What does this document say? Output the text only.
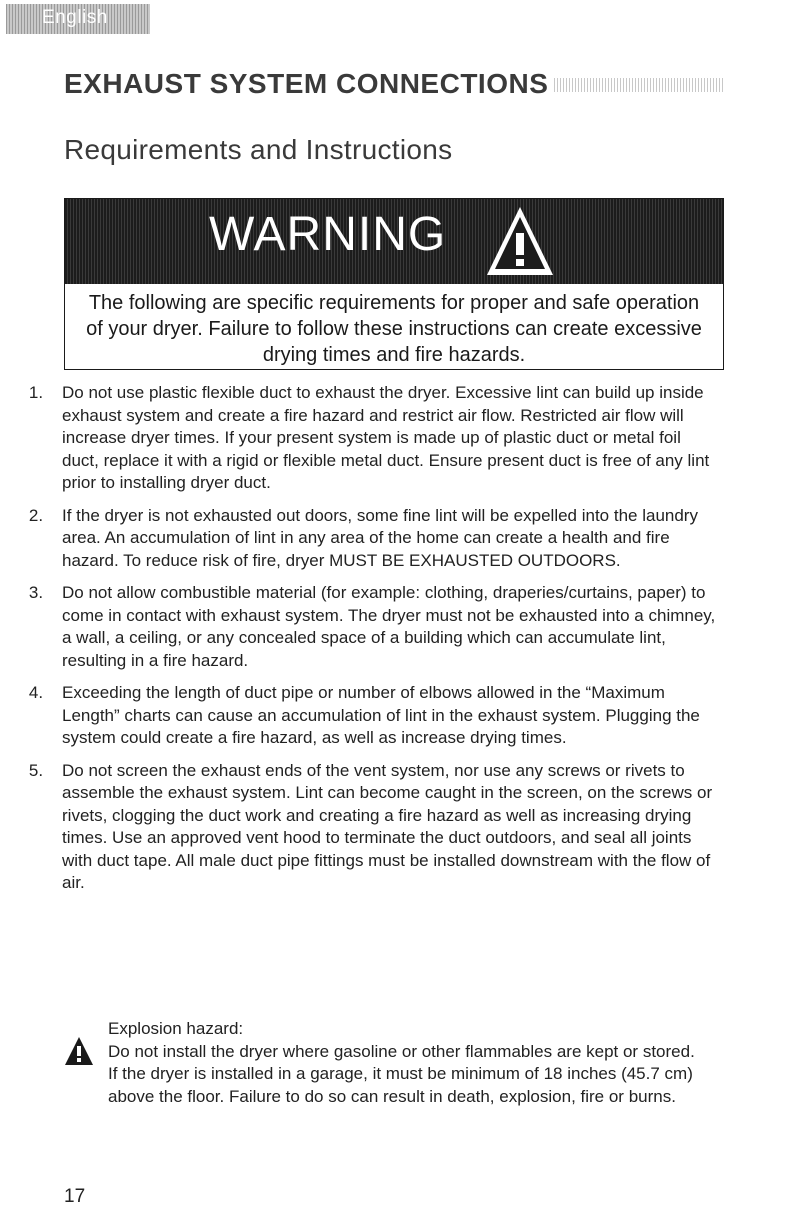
English
EXHAUST SYSTEM CONNECTIONS
Requirements and Instructions
WARNING

The following are specific requirements for proper and safe operation of your dryer. Failure to follow these instructions can create excessive drying times and fire hazards.

1.	Do not use plastic flexible duct to exhaust the dryer. Excessive lint can build up inside exhaust system and create a fire hazard and restrict air flow. Restricted air flow will increase dryer times. If your present system is made up of plastic duct or metal foil duct, replace it with a rigid or flexible metal duct. Ensure present duct is free of any lint prior to installing dryer duct.
2.	If the dryer is not exhausted out doors, some fine lint will be expelled into the laundry area. An accumulation of lint in any area of the home can create a health and fire hazard. To reduce risk of fire, dryer MUST BE EXHAUSTED OUTDOORS.
3.	Do not allow combustible material (for example: clothing, draperies/curtains, paper) to come in contact with exhaust system. The dryer must not be exhausted into a chimney, a wall, a ceiling, or any concealed space of a building which can accumulate lint, resulting in a fire hazard.
4.	Exceeding the length of duct pipe or number of elbows allowed in the “Maximum Length” charts can cause an accumulation of lint in the exhaust system. Plugging the system could create a fire hazard, as well as increase drying times.
5.	Do not screen the exhaust ends of the vent system, nor use any screws or rivets to assemble the exhaust system. Lint can become caught in the screen, on the screws or rivets, clogging the duct work and creating a fire hazard as well as increasing drying times. Use an approved vent hood to terminate the duct outdoors, and seal all joints with duct tape. All male duct pipe fittings must be installed downstream with the flow of air.

Explosion hazard:

Do not install the dryer where gasoline or other flammables are kept or stored. If the dryer is installed in a garage, it must be minimum of 18 inches (45.7 cm) above the floor. Failure to do so can result in death, explosion, fire or burns.

17
